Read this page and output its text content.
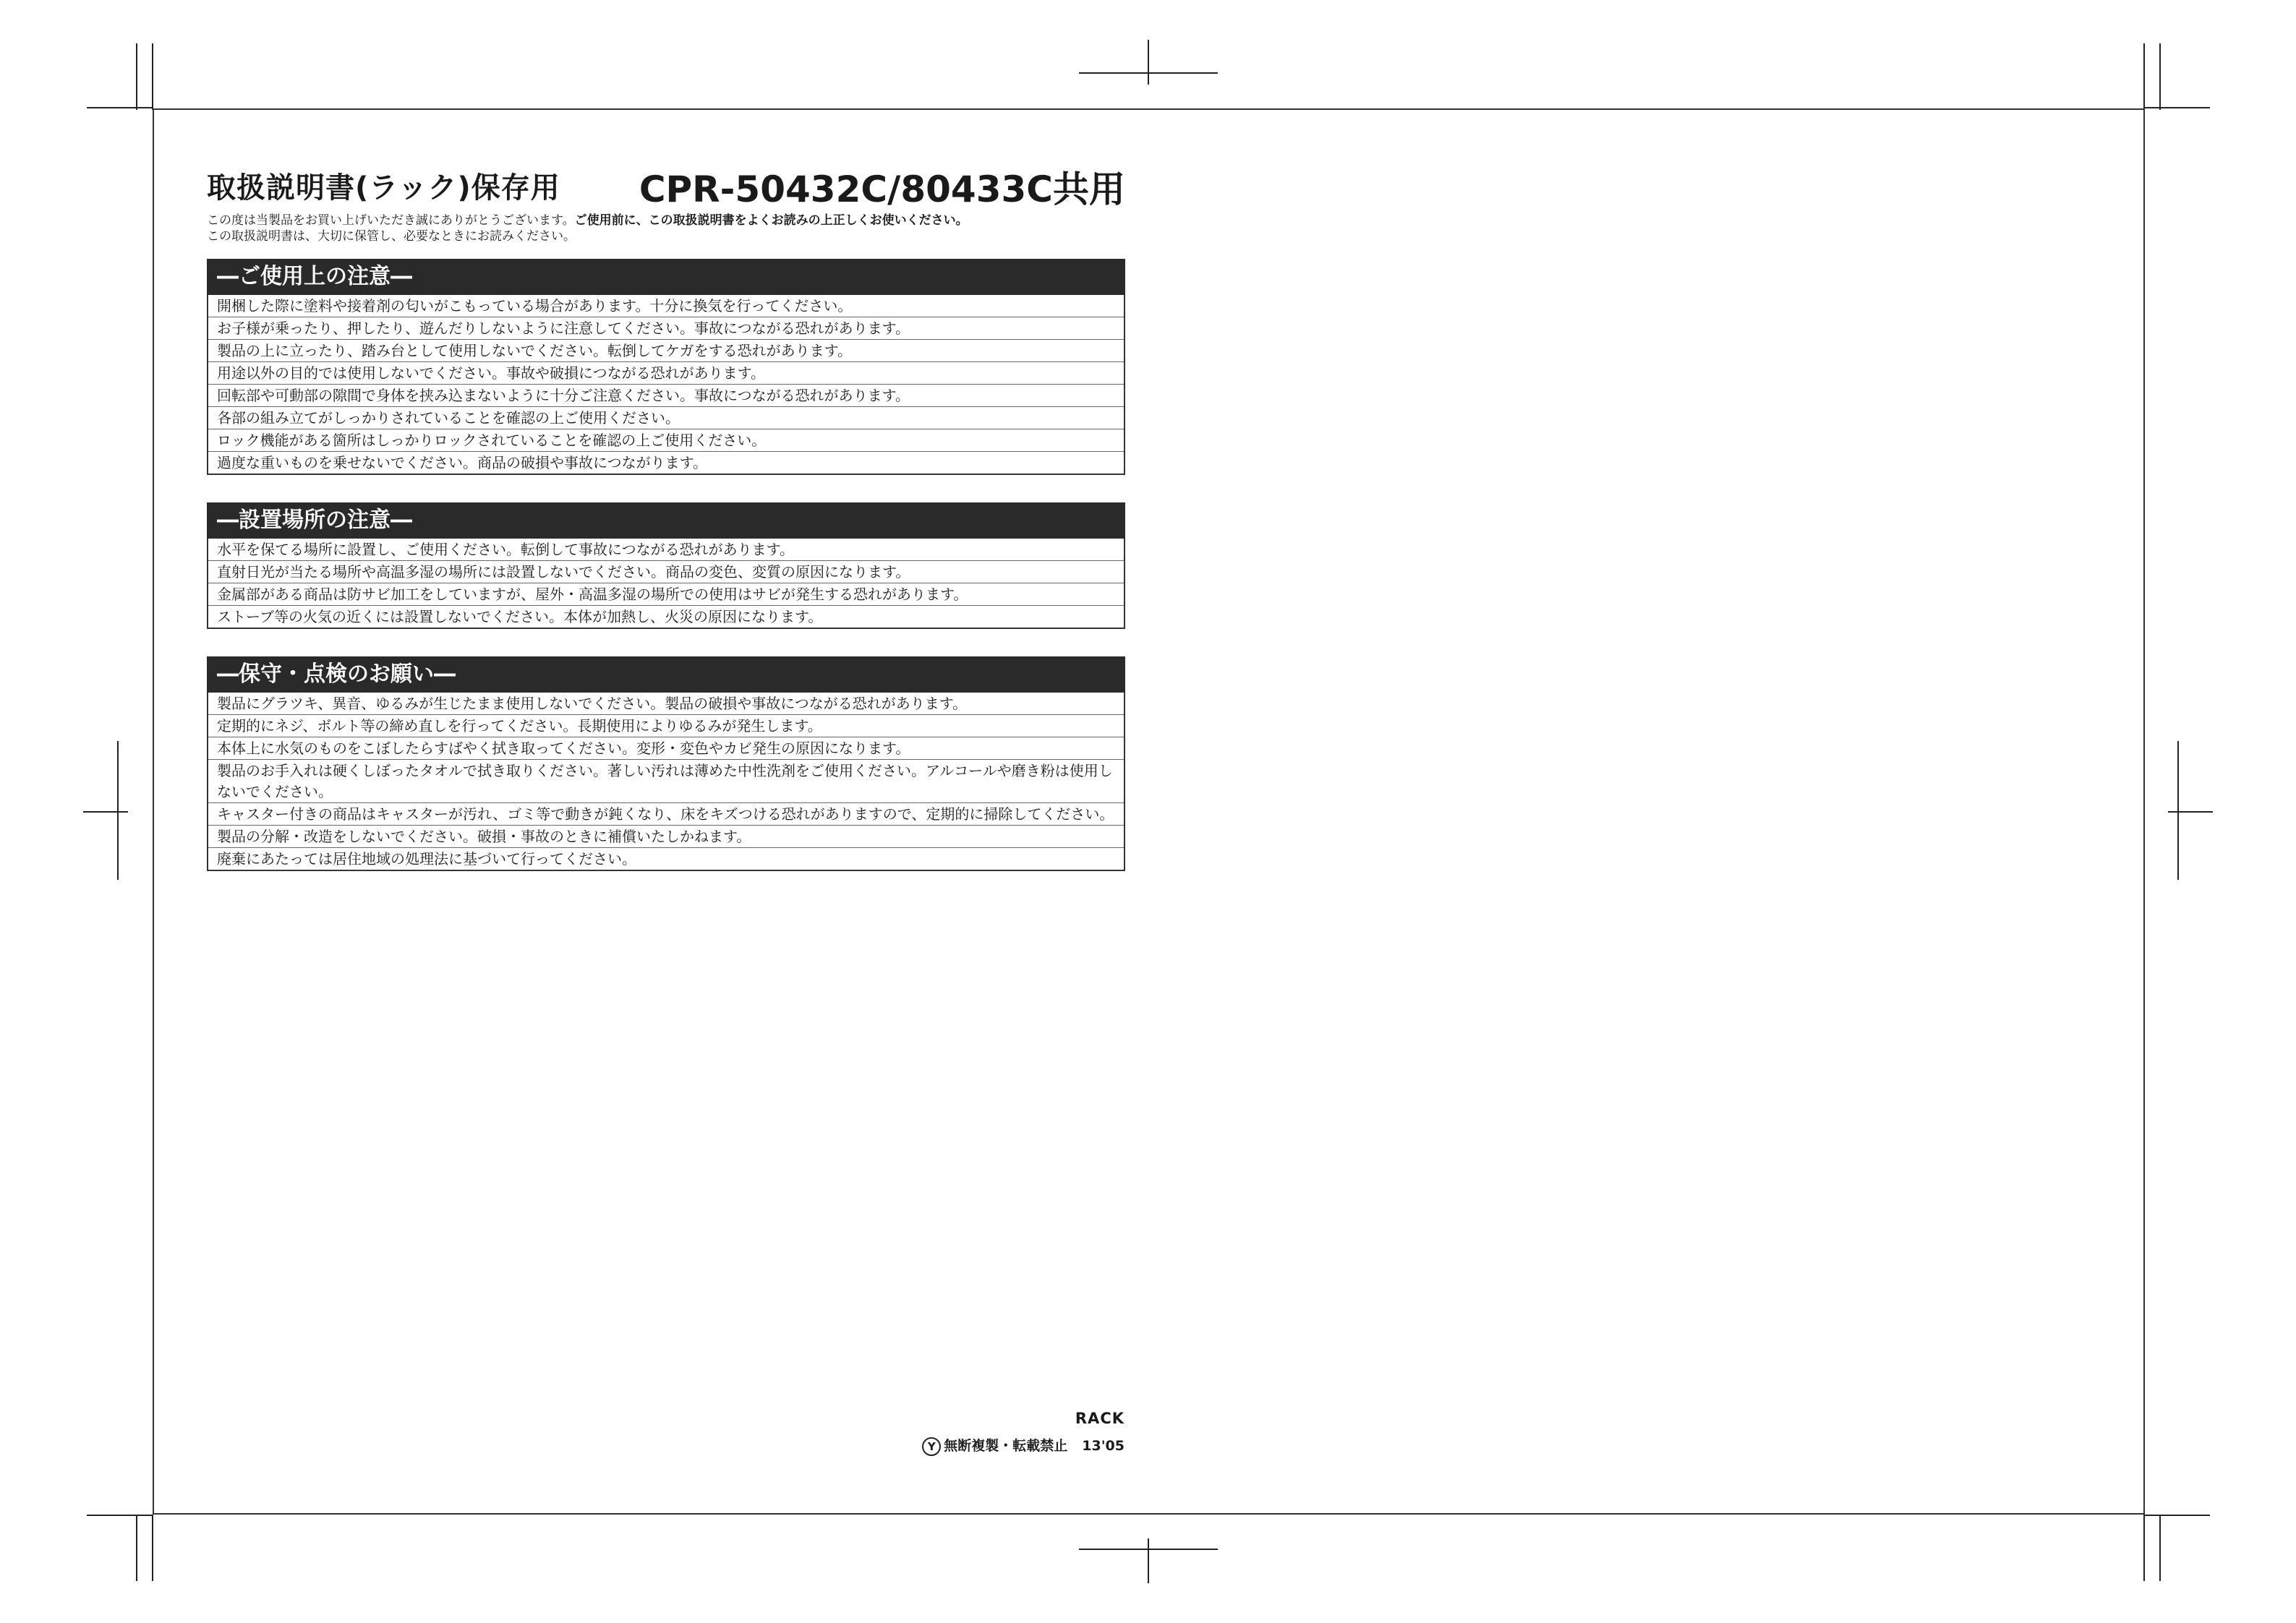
取扱説明書(ラック)保存用 CPR-50432C/80433C共用
この度は当製品をお買い上げいただき誠にありがとうございます。ご使用前に、この取扱説明書をよくお読みの上正しくお使いください。
この取扱説明書は、大切に保管し、必要なときにお読みください。
―ご使用上の注意―
開梱した際に塗料や接着剤の匂いがこもっている場合があります。十分に換気を行ってください。
お子様が乗ったり、押したり、遊んだりしないように注意してください。事故につながる恐れがあります。
製品の上に立ったり、踏み台として使用しないでください。転倒してケガをする恐れがあります。
用途以外の目的では使用しないでください。事故や破損につながる恐れがあります。
回転部や可動部の隙間で身体を挟み込まないように十分ご注意ください。事故につながる恐れがあります。
各部の組み立てがしっかりされていることを確認の上ご使用ください。
ロック機能がある箇所はしっかりロックされていることを確認の上ご使用ください。
過度な重いものを乗せないでください。商品の破損や事故につながります。
―設置場所の注意―
水平を保てる場所に設置し、ご使用ください。転倒して事故につながる恐れがあります。
直射日光が当たる場所や高温多湿の場所には設置しないでください。商品の変色、変質の原因になります。
金属部がある商品は防サビ加工をしていますが、屋外・高温多湿の場所での使用はサビが発生する恐れがあります。
ストーブ等の火気の近くには設置しないでください。本体が加熱し、火災の原因になります。
―保守・点検のお願い―
製品にグラツキ、異音、ゆるみが生じたまま使用しないでください。製品の破損や事故につながる恐れがあります。
定期的にネジ、ボルト等の締め直しを行ってください。長期使用によりゆるみが発生します。
本体上に水気のものをこぼしたらすばやく拭き取ってください。変形・変色やカビ発生の原因になります。
製品のお手入れは硬くしぼったタオルで拭き取りください。著しい汚れは薄めた中性洗剤をご使用ください。アルコールや磨き粉は使用しないでください。
キャスター付きの商品はキャスターが汚れ、ゴミ等で動きが鈍くなり、床をキズつける恐れがありますので、定期的に掃除してください。
製品の分解・改造をしないでください。破損・事故のときに補償いたしかねます。
廃棄にあたっては居住地域の処理法に基づいて行ってください。
RACK
Y 無断複製・転載禁止 13'05
